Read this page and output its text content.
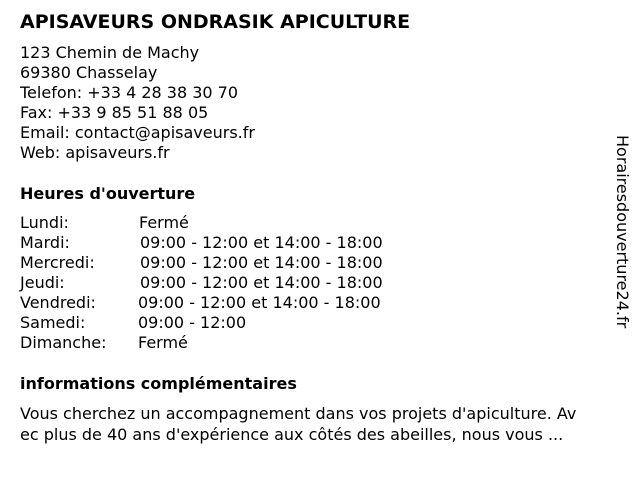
APISAVEURS ONDRASIK APICULTURE
123 Chemin de Machy
69380 Chasselay
Telefon: +33 4 28 38 30 70
Fax: +33 9 85 51 88 05
Email: contact@apisaveurs.fr
Web: apisaveurs.fr
Heures d'ouverture
Lundi:	Fermé
Mardi:	09:00 - 12:00 et 14:00 - 18:00
Mercredi:	09:00 - 12:00 et 14:00 - 18:00
Jeudi:	09:00 - 12:00 et 14:00 - 18:00
Vendredi:	09:00 - 12:00 et 14:00 - 18:00
Samedi:	09:00 - 12:00
Dimanche: Fermé
informations complémentaires
Vous cherchez un accompagnement dans vos projets d'apiculture. Av
ec plus de 40 ans d'expérience aux côtés des abeilles, nous vous ...
Horairesdouverture24.fr
